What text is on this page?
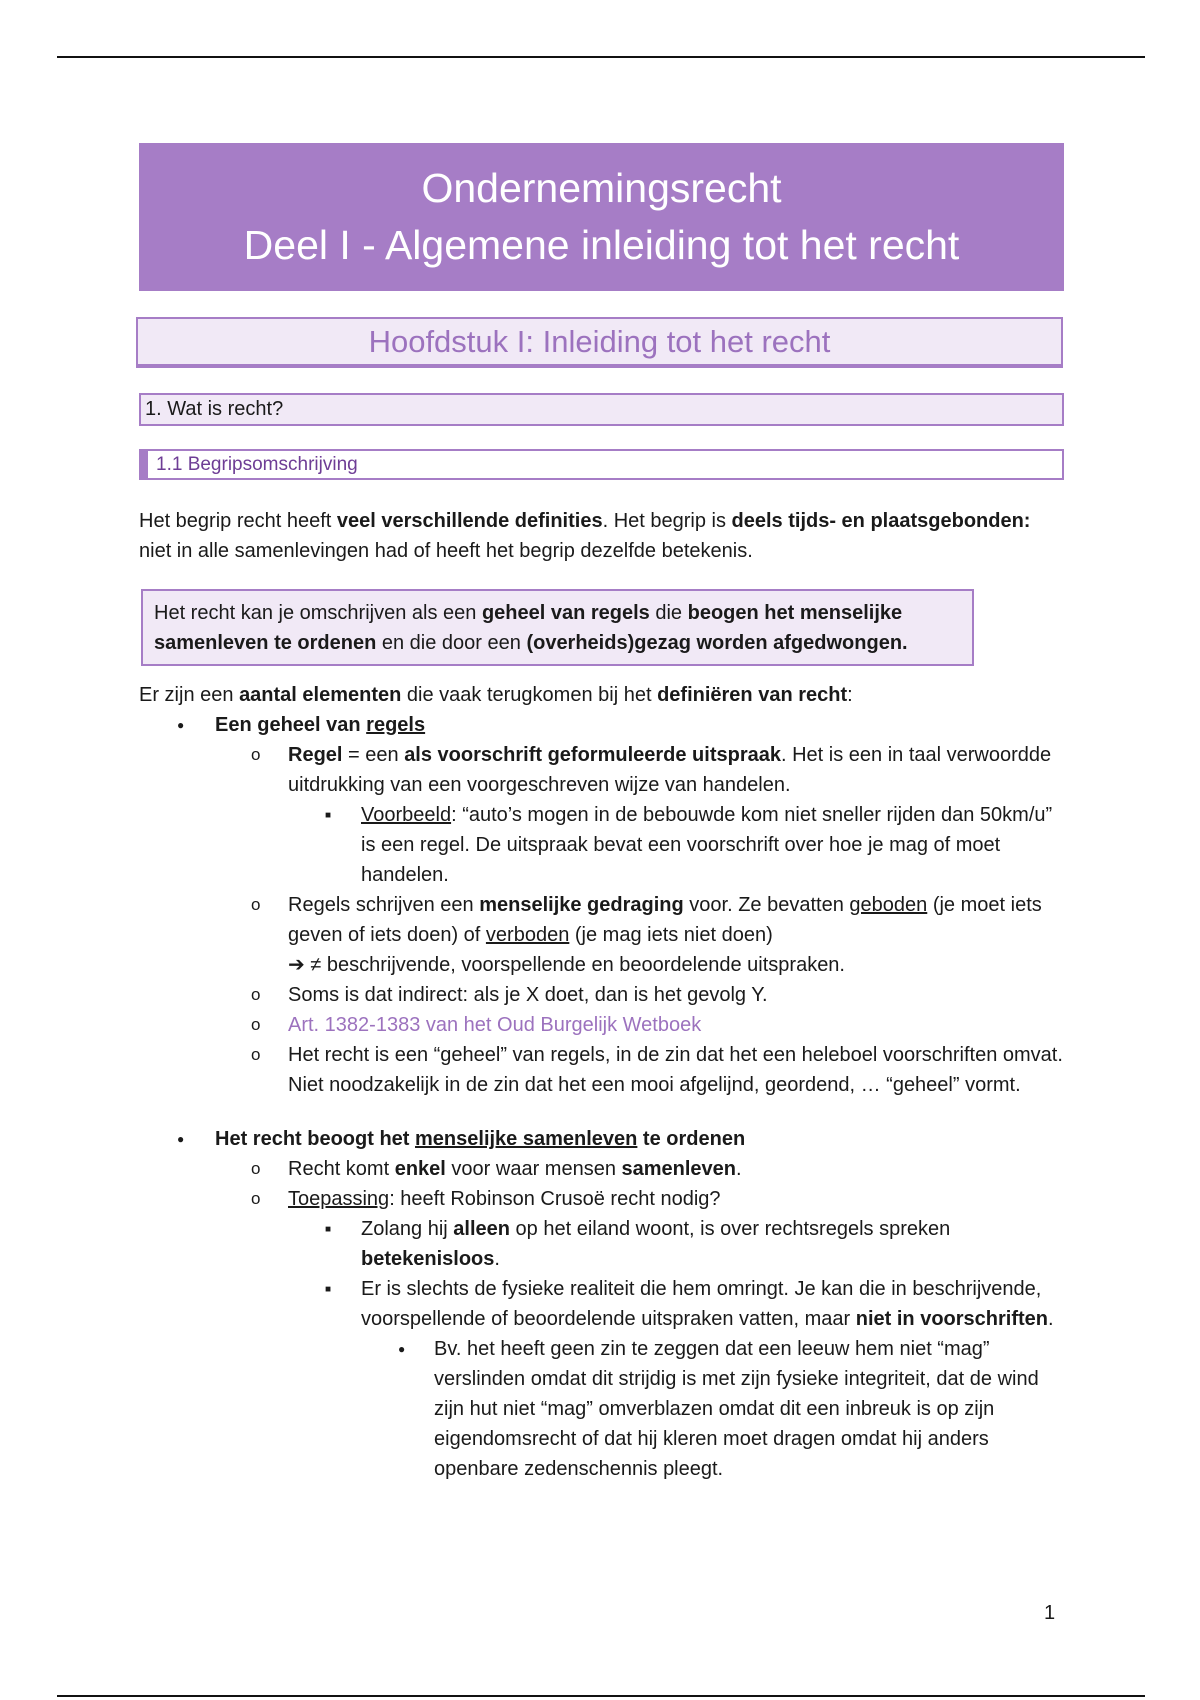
Ondernemingsrecht
Deel I - Algemene inleiding tot het recht
Hoofdstuk I: Inleiding tot het recht
1. Wat is recht?
1.1 Begripsomschrijving

Het begrip recht heeft veel verschillende definities. Het begrip is deels tijds- en plaatsgebonden: niet in alle samenlevingen had of heeft het begrip dezelfde betekenis.

Het recht kan je omschrijven als een geheel van regels die beogen het menselijke samenleven te ordenen en die door een (overheids)gezag worden afgedwongen.
Er zijn een aantal elementen die vaak terugkomen bij het definiëren van recht:
● Een geheel van regels
o Regel = een als voorschrift geformuleerde uitspraak. Het is een in taal verwoordde uitdrukking van een voorgeschreven wijze van handelen.
■ Voorbeeld: “auto’s mogen in de bebouwde kom niet sneller rijden dan 50km/u” is een regel. De uitspraak bevat een voorschrift over hoe je mag of moet handelen.
o Regels schrijven een menselijke gedraging voor. Ze bevatten geboden (je moet iets geven of iets doen) of verboden (je mag iets niet doen)
➔ ≠ beschrijvende, voorspellende en beoordelende uitspraken.
o Soms is dat indirect: als je X doet, dan is het gevolg Y.
o Art. 1382-1383 van het Oud Burgelijk Wetboek
o Het recht is een “geheel” van regels, in de zin dat het een heleboel voorschriften omvat. Niet noodzakelijk in de zin dat het een mooi afgelijnd, geordend, … “geheel” vormt.
● Het recht beoogt het menselijke samenleven te ordenen
o Recht komt enkel voor waar mensen samenleven.
o Toepassing: heeft Robinson Crusoë recht nodig?
■ Zolang hij alleen op het eiland woont, is over rechtsregels spreken betekenisloos.
■ Er is slechts de fysieke realiteit die hem omringt. Je kan die in beschrijvende, voorspellende of beoordelende uitspraken vatten, maar niet in voorschriften.
● Bv. het heeft geen zin te zeggen dat een leeuw hem niet “mag” verslinden omdat dit strijdig is met zijn fysieke integriteit, dat de wind zijn hut niet “mag” omverblazen omdat dit een inbreuk is op zijn eigendomsrecht of dat hij kleren moet dragen omdat hij anders openbare zedenschennis pleegt.
1
